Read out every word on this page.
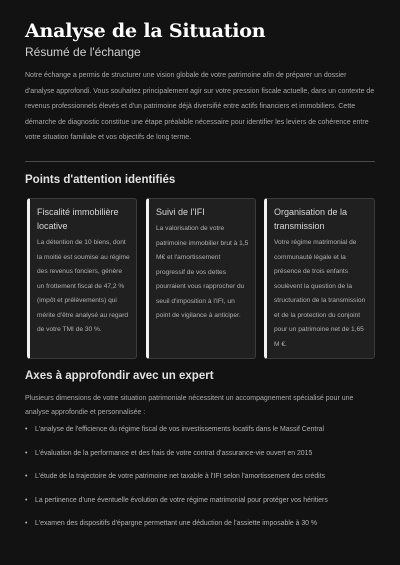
Analyse de la Situation

Résumé de l'échange

Notre échange a permis de structurer une vision globale de votre patrimoine afin de préparer un dossier d'analyse approfondi. Vous souhaitez principalement agir sur votre pression fiscale actuelle, dans un contexte de revenus professionnels élevés et d'un patrimoine déjà diversifié entre actifs financiers et immobiliers. Cette démarche de diagnostic constitue une étape préalable nécessaire pour identifier les leviers de cohérence entre votre situation familiale et vos objectifs de long terme.

Points d'attention identifiés

Fiscalité immobilière locative

La détention de 10 biens, dont la moitié est soumise au régime des revenus fonciers, génère un frottement fiscal de 47,2 % (impôt et prélèvements) qui mérite d'être analysé au regard de votre TMI de 30 %.

Suivi de l'IFI

La valorisation de votre patrimoine immobilier brut à 1,5 M€ et l'amortissement progressif de vos dettes pourraient vous rapprocher du seuil d'imposition à l'IFI, un point de vigilance à anticiper.

Organisation de la transmission

Votre régime matrimonial de communauté légale et la présence de trois enfants soulèvent la question de la structuration de la transmission et de la protection du conjoint pour un patrimoine net de 1,65 M €.

Axes à approfondir avec un expert

Plusieurs dimensions de votre situation patrimoniale nécessitent un accompagnement spécialisé pour une analyse approfondie et personnalisée :

• L'analyse de l'efficience du régime fiscal de vos investissements locatifs dans le Massif Central
• L'évaluation de la performance et des frais de votre contrat d'assurance-vie ouvert en 2015
• L'étude de la trajectoire de votre patrimoine net taxable à l'IFI selon l'amortissement des crédits
• La pertinence d'une éventuelle évolution de votre régime matrimonial pour protéger vos héritiers
• L'examen des dispositifs d'épargne permettant une déduction de l'assiette imposable à 30 %
